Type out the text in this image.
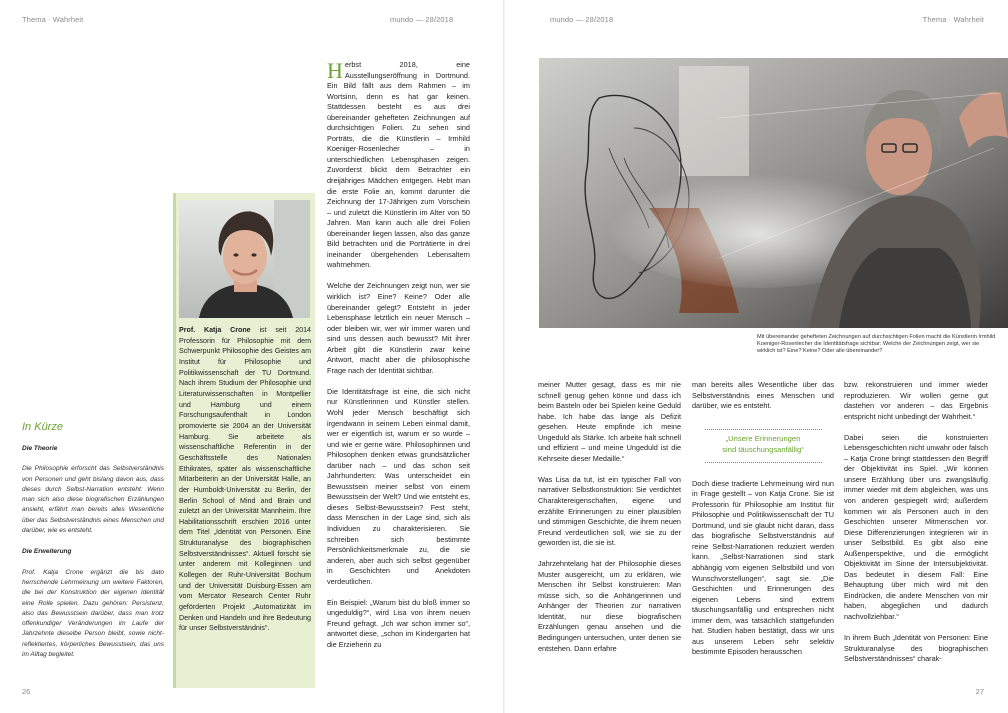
Thema · Wahrheit	mundo — 28/2018	mundo — 28/2018	Thema · Wahrheit
In Kürze
Die Theorie

Die Philosophie erforscht das Selbstverständnis von Personen und geht bislang davon aus, dass dieses durch Selbst-Narration entsteht: Wenn man sich also diese biografischen Erzählungen ansieht, erfährt man bereits alles Wesentliche über das Selbstverständnis eines Menschen und darüber, wie es entsteht.

Die Erweiterung

Prof. Katja Crone ergänzt die bis dato herrschende Lehrmeinung um weitere Faktoren, die bei der Konstruktion der eigenen Identität eine Rolle spielen. Dazu gehören: Persistenz, also das Bewusstsein darüber, dass man trotz offenkundiger Veränderungen im Laufe der Jahrzehnte dieselbe Person bleibt, sowie nicht-reflektiertes, körperliches Bewusstsein, das uns im Alltag begleitet.

Prof. Katja Crone ist seit 2014 Professorin für Philosophie mit dem Schwerpunkt Philosophie des Geistes am Institut für Philosophie und Politikwissenschaft der TU Dortmund. Nach ihrem Studium der Philosophie und Literaturwissenschaften in Montpellier und Hamburg und einem Forschungsaufenthalt in London promovierte sie 2004 an der Universität Hamburg. Sie arbeitete als wissenschaftliche Referentin in der Geschäftsstelle des Nationalen Ethikrates, später als wissenschaftliche Mitarbeiterin an der Universität Halle, an der Humboldt-Universität zu Berlin, der Berlin School of Mind and Brain und zuletzt an der Universität Mannheim. Ihre Habilitationsschrift erschien 2016 unter dem Titel „Identität von Personen. Eine Strukturanalyse des biographischen Selbstverständnisses“. Aktuell forscht sie unter anderem mit Kolleginnen und Kollegen der Ruhr-Universität Bochum und der Universität Duisburg-Essen am vom Mercator Research Center Ruhr geförderten Projekt „Automatizität im Denken und Handeln und ihre Bedeutung für unser Selbstverständnis“.

Herbst 2018, eine Ausstellungseröffnung in Dortmund. Ein Bild fällt aus dem Rahmen – im Wortsinn, denn es hat gar keinen. Stattdessen besteht es aus drei übereinander gehefteten Zeichnungen auf durchsichtigen Folien. Zu sehen sind Porträts, die die Künstlerin – Irmhild Koeniger-Rosenlecher – in unterschiedlichen Lebensphasen zeigen. Zuvorderst blickt dem Betrachter ein dreijähriges Mädchen entgegen. Hebt man die erste Folie an, kommt darunter die Zeichnung der 17-Jährigen zum Vorschein – und zuletzt die Künstlerin im Alter von 50 Jahren. Man kann auch alle drei Folien übereinander liegen lassen, also das ganze Bild betrachten und die Porträtierte in drei ineinander übergehenden Lebensaltern wahrnehmen.

Welche der Zeichnungen zeigt nun, wer sie wirklich ist? Eine? Keine? Oder alle übereinander gelegt? Entsteht in jeder Lebensphase letztlich ein neuer Mensch – oder bleiben wir, wer wir immer waren und sind uns dessen auch bewusst? Mit ihrer Arbeit gibt die Künstlerin zwar keine Antwort, macht aber die philosophische Frage nach der Identität sichtbar.

Die Identitätsfrage ist eine, die sich nicht nur Künstlerinnen und Künstler stellen. Wohl jeder Mensch beschäftigt sich irgendwann in seinem Leben einmal damit, wer er eigentlich ist, warum er so wurde – und wie er gerne wäre. Philosophinnen und Philosophen denken etwas grundsätzlicher darüber nach – und das schon seit Jahrhunderten: Was unterscheidet ein Bewusstsein meiner selbst von einem Bewusstsein der Welt? Und wie entsteht es, dieses Selbst-Bewusstsein? Fest steht, dass Menschen in der Lage sind, sich als Individuen zu charakterisieren. Sie schreiben sich bestimmte Persönlichkeitsmerkmale zu, die sie anderen, aber auch sich selbst gegenüber in Geschichten und Anekdoten verdeutlichen.

Ein Beispiel: „Warum bist du bloß immer so ungeduldig?“, wird Lisa von ihrem neuen Freund gefragt. „Ich war schon immer so“, antwortet diese, „schon im Kindergarten hat die Erzieherin zu

26
Mit übereinander gehefteten Zeichnungen auf durchsichtigen Folien macht die Künstlerin Irmhild Koeniger-Rosenlecher die Identitätsfrage sichtbar: Welche der Zeichnungen zeigt, wer sie wirklich ist? Eine? Keine? Oder alle übereinander?

meiner Mutter gesagt, dass es mir nie schnell genug gehen könne und dass ich beim Basteln oder bei Spielen keine Geduld habe. Ich habe das lange als Defizit gesehen. Heute empfinde ich meine Ungeduld als Stärke. Ich arbeite halt schnell und effizient – und meine Ungeduld ist die Kehrseite dieser Medaille.“

Was Lisa da tut, ist ein typischer Fall von narrativer Selbstkonstruktion: Sie verdichtet Charaktereigenschaften, eigene und erzählte Erinnerungen zu einer plausiblen und stimmigen Geschichte, die ihrem neuen Freund verdeutlichen soll, wie sie zu der geworden ist, die sie ist.

Jahrzehntelang hat der Philosophie dieses Muster ausgereicht, um zu erklären, wie Menschen ihr Selbst konstruieren: Man müsse sich, so die Anhängerinnen und Anhänger der Theorien zur narrativen Identität, nur diese biografischen Erzählungen genau ansehen und die Bedingungen untersuchen, unter denen sie entstehen. Dann erfahre

man bereits alles Wesentliche über das Selbstverständnis eines Menschen und darüber, wie es entsteht.

Doch diese tradierte Lehrmeinung wird nun in Frage gestellt – von Katja Crone. Sie ist Professorin für Philosophie am Institut für Philosophie und Politikwissenschaft der TU Dortmund, und sie glaubt nicht daran, dass das biografische Selbstverständnis auf reine Selbst-Narrationen reduziert werden kann. „Selbst-Narrationen sind stark abhängig vom eigenen Selbstbild und von Wunschvorstellungen“, sagt sie. „Die Geschichten und Erinnerungen des eigenen Lebens sind extrem täuschungsanfällig und entsprechen nicht immer dem, was tatsächlich stattgefunden hat. Studien haben bestätigt, dass wir uns aus unserem Leben sehr selektiv bestimmte Episoden herausschen

„Unsere Erinnerungen
sind täuschungsanfällig“

bzw. rekonstruieren und immer wieder reproduzieren. Wir wollen gerne gut dastehen vor anderen – das Ergebnis entspricht nicht unbedingt der Wahrheit.“

Dabei seien die konstruierten Lebensgeschichten nicht unwahr oder falsch – Katja Crone bringt stattdessen den Begriff der Objektivität ins Spiel. „Wir können unsere Erzählung über uns zwangsläufig immer wieder mit dem abgleichen, was uns von anderen gespiegelt wird; außerdem kommen wir als Personen auch in den Geschichten unserer Mitmenschen vor. Diese Differenzierungen integrieren wir in unser Selbstbild. Es gibt also eine Außenperspektive, und die ermöglicht Objektivität im Sinne der Intersubjektivität. Das bedeutet in diesem Fall: Eine Behauptung über mich wird mit den Eindrücken, die andere Menschen von mir haben, abgeglichen und dadurch nachvollziehbar.“

In ihrem Buch „Identität von Personen: Eine Strukturanalyse des biographischen Selbstverständnisses“ charak-

27
